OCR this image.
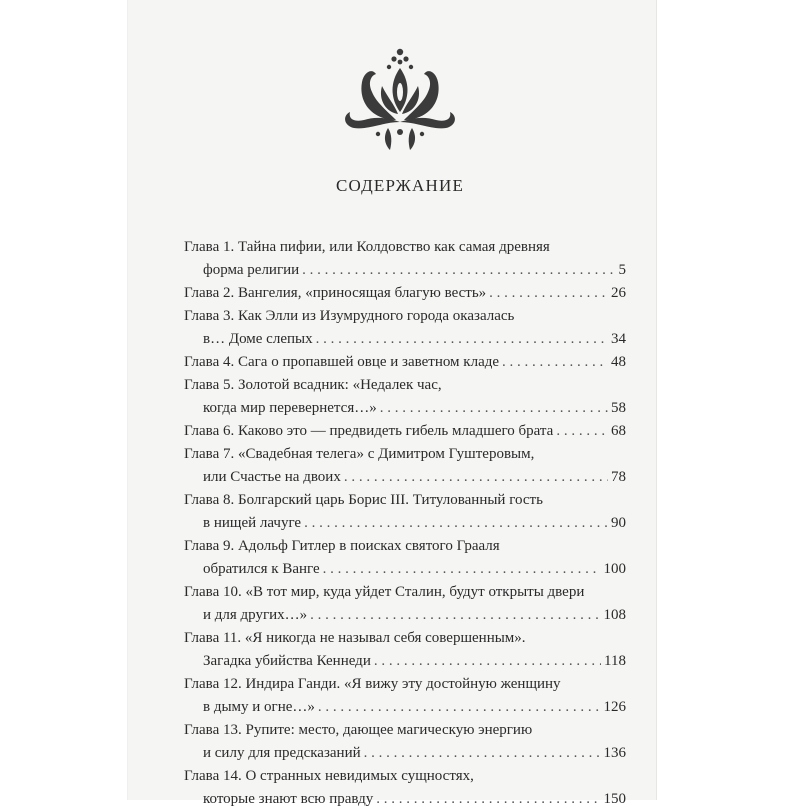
СОДЕРЖАНИЕ
Глава 1. Тайна пифии, или Колдовство как самая древняя
форма религии . . .	5
Глава 2. Вангелия, «приносящая благую весть» . . .	26
Глава 3. Как Элли из Изумрудного города оказалась
в… Доме слепых . . .	34
Глава 4. Сага о пропавшей овце и заветном кладе . . .	48
Глава 5. Золотой всадник: «Недалек час,
когда мир перевернется…» . . .	58
Глава 6. Каково это — предвидеть гибель младшего брата . . .	68
Глава 7. «Свадебная телега» с Димитром Гуштеровым,
или Счастье на двоих . . .	78
Глава 8. Болгарский царь Борис III. Титулованный гость
в нищей лачуге . . .	90
Глава 9. Адольф Гитлер в поисках святого Грааля
обратился к Ванге . . .	100
Глава 10. «В тот мир, куда уйдет Сталин, будут открыты двери
и для других…» . . .	108
Глава 11. «Я никогда не называл себя совершенным».
Загадка убийства Кеннеди . . .	118
Глава 12. Индира Ганди. «Я вижу эту достойную женщину
в дыму и огне…» . . .	126
Глава 13. Рупите: место, дающее магическую энергию
и силу для предсказаний . . .	136
Глава 14. О странных невидимых сущностях,
которые знают всю правду . . .	150
